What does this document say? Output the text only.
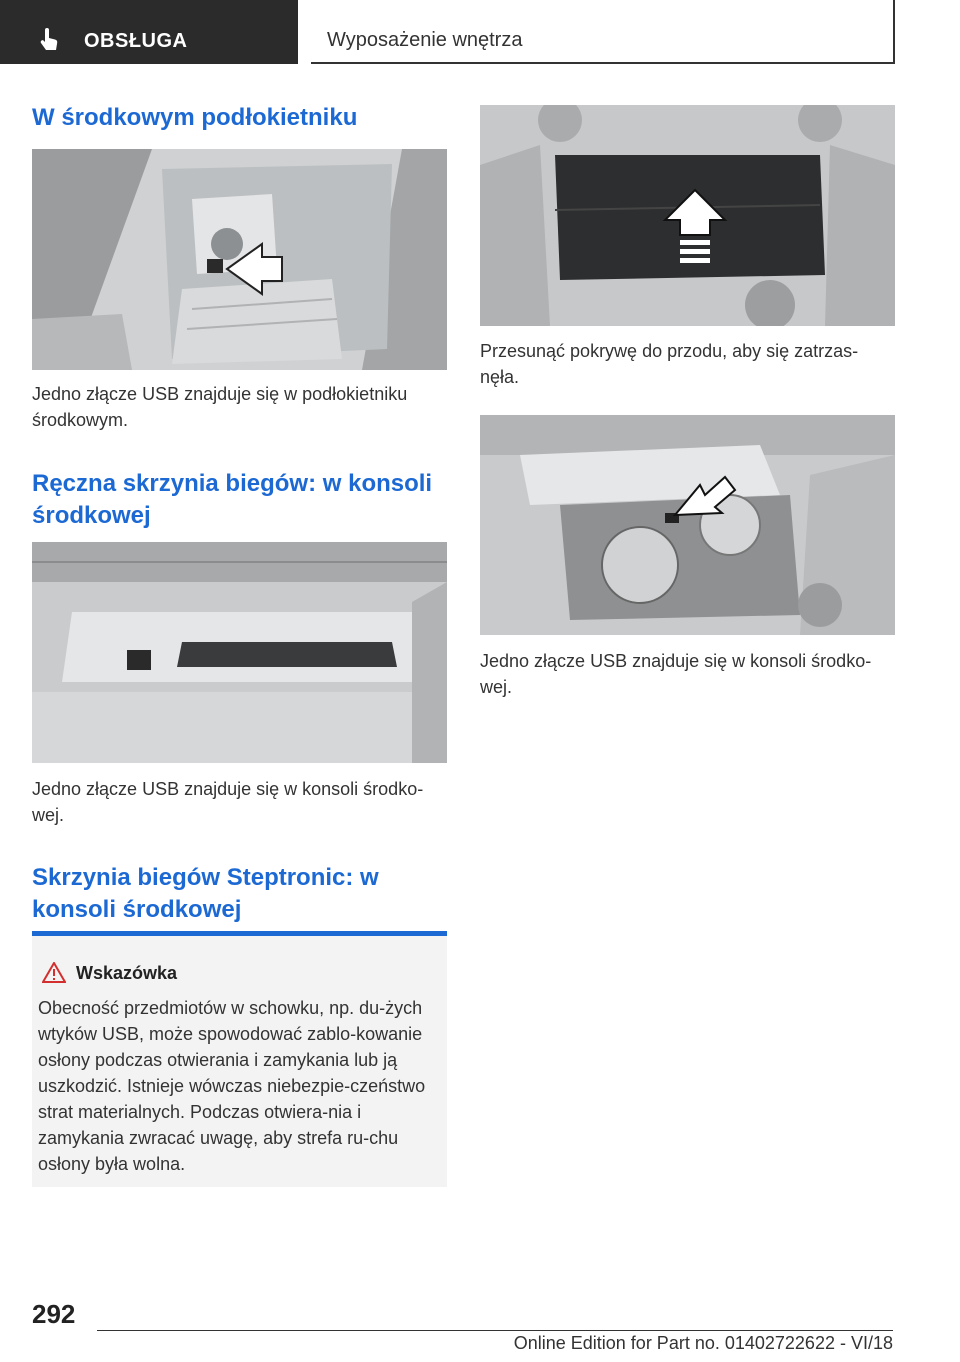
OBSŁUGA	Wyposażenie wnętrza
W środkowym podłokietniku

Jedno złącze USB znajduje się w podłokietniku środkowym.

Ręczna skrzynia biegów: w konsoli środkowej

Jedno złącze USB znajduje się w konsoli środko-wej.

Skrzynia biegów Steptronic: w konsoli środkowej
Wskazówka

Obecność przedmiotów w schowku, np. du-żych wtyków USB, może spowodować zablo-kowanie osłony podczas otwierania i zamykania lub ją uszkodzić. Istnieje wówczas niebezpie-czeństwo strat materialnych. Podczas otwiera-nia i zamykania zwracać uwagę, aby strefa ru-chu osłony była wolna.

Przesunąć pokrywę do przodu, aby się zatrzas-nęła.

Jedno złącze USB znajduje się w konsoli środko-wej.

292
Online Edition for Part no. 01402722622 - VI/18
